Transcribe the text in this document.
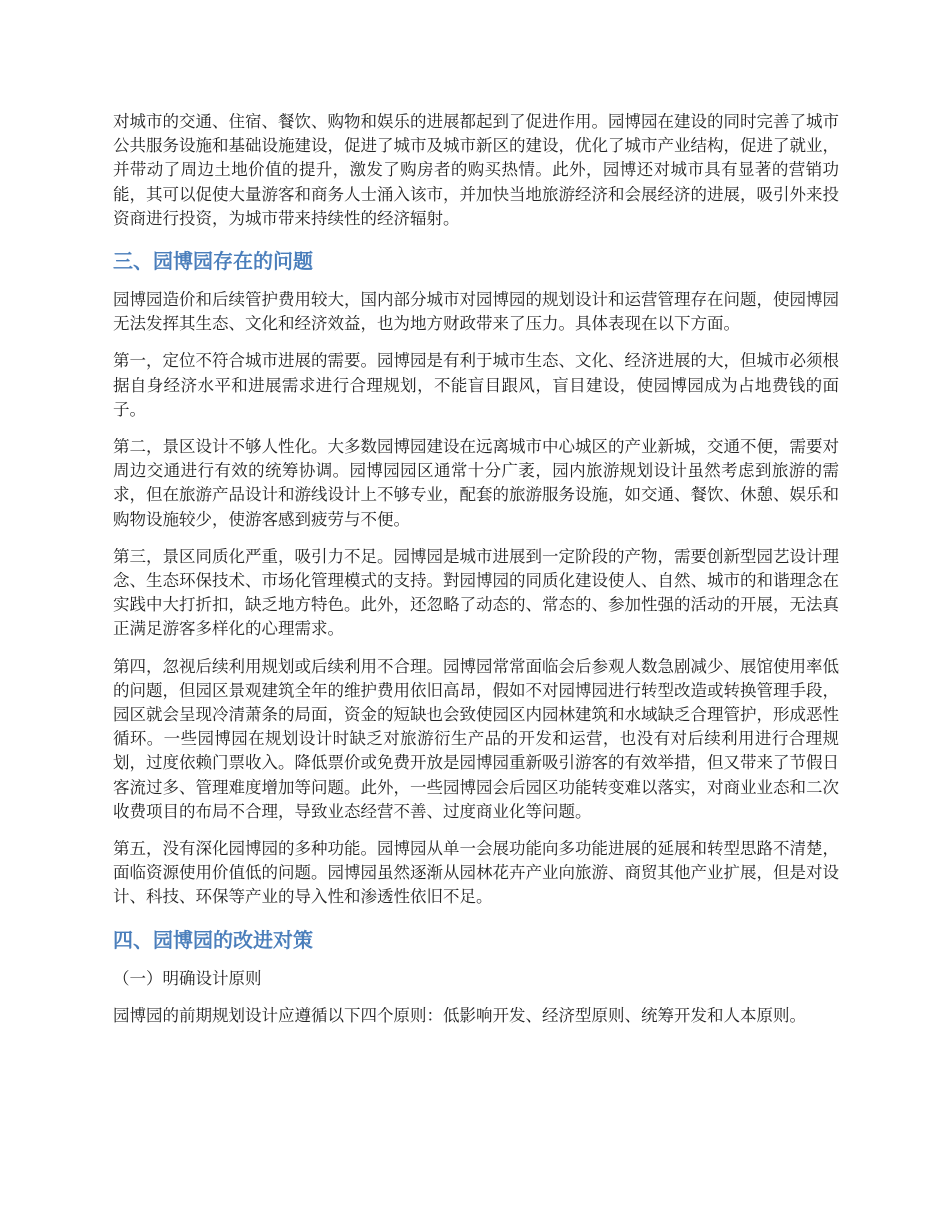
对城市的交通、住宿、餐饮、购物和娱乐的进展都起到了促进作用。园博园在建设的同时完善了城市公共服务设施和基础设施建设，促进了城市及城市新区的建设，优化了城市产业结构，促进了就业，并带动了周边土地价值的提升，激发了购房者的购买热情。此外，园博还对城市具有显著的营销功能，其可以促使大量游客和商务人士涌入该市，并加快当地旅游经济和会展经济的进展，吸引外来投资商进行投资，为城市带来持续性的经济辐射。

三、园博园存在的问题

园博园造价和后续管护费用较大，国内部分城市对园博园的规划设计和运营管理存在问题，使园博园无法发挥其生态、文化和经济效益，也为地方财政带来了压力。具体表现在以下方面。

第一，定位不符合城市进展的需要。园博园是有利于城市生态、文化、经济进展的大，但城市必须根据自身经济水平和进展需求进行合理规划，不能盲目跟风，盲目建设，使园博园成为占地费钱的面子。

第二，景区设计不够人性化。大多数园博园建设在远离城市中心城区的产业新城，交通不便，需要对周边交通进行有效的统筹协调。园博园园区通常十分广袤，园内旅游规划设计虽然考虑到旅游的需求，但在旅游产品设计和游线设计上不够专业，配套的旅游服务设施，如交通、餐饮、休憩、娱乐和购物设施较少，使游客感到疲劳与不便。

第三，景区同质化严重，吸引力不足。园博园是城市进展到一定阶段的产物，需要创新型园艺设计理念、生态环保技术、市场化管理模式的支持。對园博园的同质化建设使人、自然、城市的和谐理念在实践中大打折扣，缺乏地方特色。此外，还忽略了动态的、常态的、参加性强的活动的开展，无法真正满足游客多样化的心理需求。

第四，忽视后续利用规划或后续利用不合理。园博园常常面临会后参观人数急剧减少、展馆使用率低的问题，但园区景观建筑全年的维护费用依旧高昂，假如不对园博园进行转型改造或转换管理手段，园区就会呈现冷清萧条的局面，资金的短缺也会致使园区内园林建筑和水域缺乏合理管护，形成恶性循环。一些园博园在规划设计时缺乏对旅游衍生产品的开发和运营，也没有对后续利用进行合理规划，过度依赖门票收入。降低票价或免费开放是园博园重新吸引游客的有效举措，但又带来了节假日客流过多、管理难度增加等问题。此外，一些园博园会后园区功能转变难以落实，对商业业态和二次收费项目的布局不合理，导致业态经营不善、过度商业化等问题。

第五，没有深化园博园的多种功能。园博园从单一会展功能向多功能进展的延展和转型思路不清楚，面临资源使用价值低的问题。园博园虽然逐渐从园林花卉产业向旅游、商贸其他产业扩展，但是对设计、科技、环保等产业的导入性和渗透性依旧不足。

四、园博园的改进对策

（一）明确设计原则

园博园的前期规划设计应遵循以下四个原则：低影响开发、经济型原则、统筹开发和人本原则。
